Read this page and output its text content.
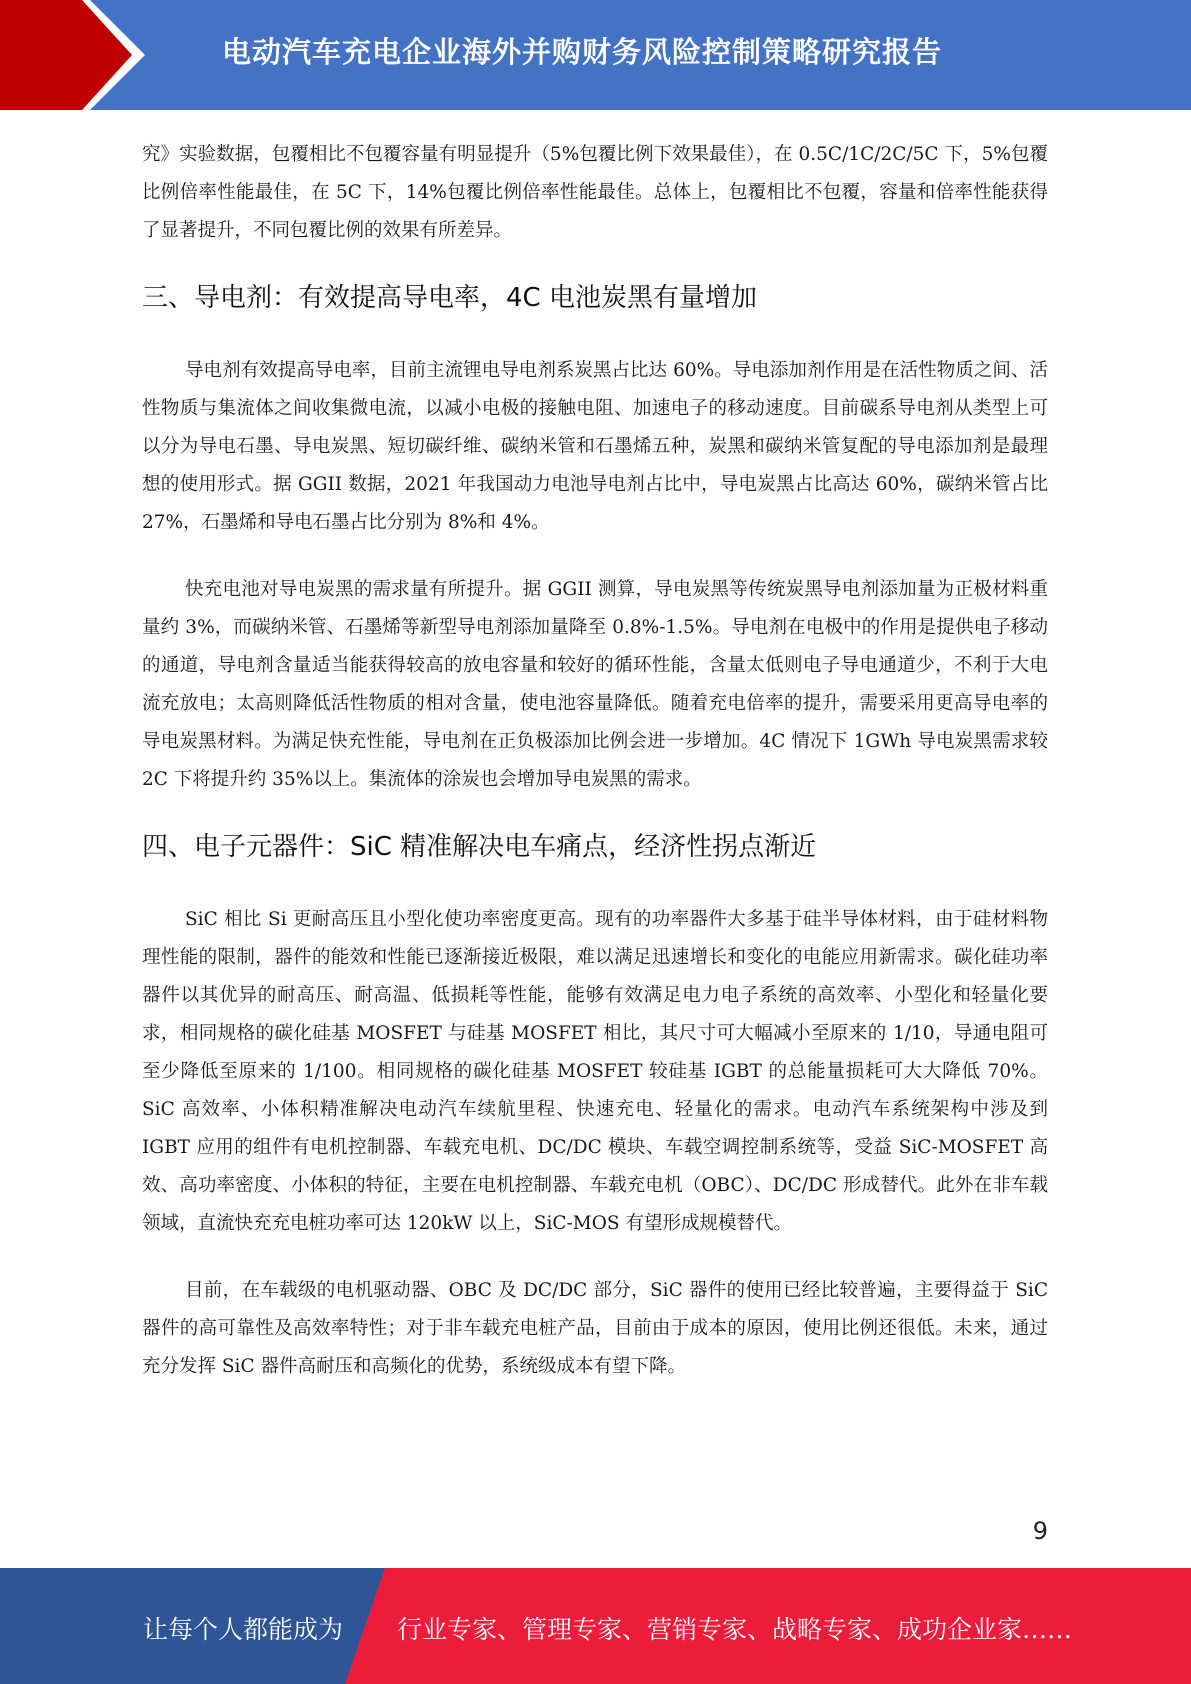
电动汽车充电企业海外并购财务风险控制策略研究报告

究》实验数据，包覆相比不包覆容量有明显提升（5%包覆比例下效果最佳），在 0.5C/1C/2C/5C 下，5%包覆比例倍率性能最佳，在 5C 下，14%包覆比例倍率性能最佳。总体上，包覆相比不包覆，容量和倍率性能获得了显著提升，不同包覆比例的效果有所差异。

三、导电剂：有效提高导电率，4C 电池炭黑有量增加

导电剂有效提高导电率，目前主流锂电导电剂系炭黑占比达 60%。导电添加剂作用是在活性物质之间、活性物质与集流体之间收集微电流，以减小电极的接触电阻、加速电子的移动速度。目前碳系导电剂从类型上可以分为导电石墨、导电炭黑、短切碳纤维、碳纳米管和石墨烯五种，炭黑和碳纳米管复配的导电添加剂是最理想的使用形式。据 GGII 数据，2021 年我国动力电池导电剂占比中，导电炭黑占比高达 60%，碳纳米管占比 27%，石墨烯和导电石墨占比分别为 8%和 4%。

快充电池对导电炭黑的需求量有所提升。据 GGII 测算，导电炭黑等传统炭黑导电剂添加量为正极材料重量约 3%，而碳纳米管、石墨烯等新型导电剂添加量降至 0.8%-1.5%。导电剂在电极中的作用是提供电子移动的通道，导电剂含量适当能获得较高的放电容量和较好的循环性能，含量太低则电子导电通道少，不利于大电流充放电；太高则降低活性物质的相对含量，使电池容量降低。随着充电倍率的提升，需要采用更高导电率的导电炭黑材料。为满足快充性能，导电剂在正负极添加比例会进一步增加。4C 情况下 1GWh 导电炭黑需求较 2C 下将提升约 35%以上。集流体的涂炭也会增加导电炭黑的需求。

四、电子元器件：SiC 精准解决电车痛点，经济性拐点渐近

SiC 相比 Si 更耐高压且小型化使功率密度更高。现有的功率器件大多基于硅半导体材料，由于硅材料物理性能的限制，器件的能效和性能已逐渐接近极限，难以满足迅速增长和变化的电能应用新需求。碳化硅功率器件以其优异的耐高压、耐高温、低损耗等性能，能够有效满足电力电子系统的高效率、小型化和轻量化要求，相同规格的碳化硅基 MOSFET 与硅基 MOSFET 相比，其尺寸可大幅减小至原来的 1/10，导通电阻可至少降低至原来的 1/100。相同规格的碳化硅基 MOSFET 较硅基 IGBT 的总能量损耗可大大降低 70%。SiC 高效率、小体积精准解决电动汽车续航里程、快速充电、轻量化的需求。电动汽车系统架构中涉及到 IGBT 应用的组件有电机控制器、车载充电机、DC/DC 模块、车载空调控制系统等，受益 SiC-MOSFET 高效、高功率密度、小体积的特征，主要在电机控制器、车载充电机（OBC）、DC/DC 形成替代。此外在非车载领域，直流快充充电桩功率可达 120kW 以上，SiC-MOS 有望形成规模替代。

目前，在车载级的电机驱动器、OBC 及 DC/DC 部分，SiC 器件的使用已经比较普遍，主要得益于 SiC 器件的高可靠性及高效率特性；对于非车载充电桩产品，目前由于成本的原因，使用比例还很低。未来，通过充分发挥 SiC 器件高耐压和高频化的优势，系统级成本有望下降。

9
让每个人都能成为 行业专家、管理专家、营销专家、战略专家、成功企业家……
